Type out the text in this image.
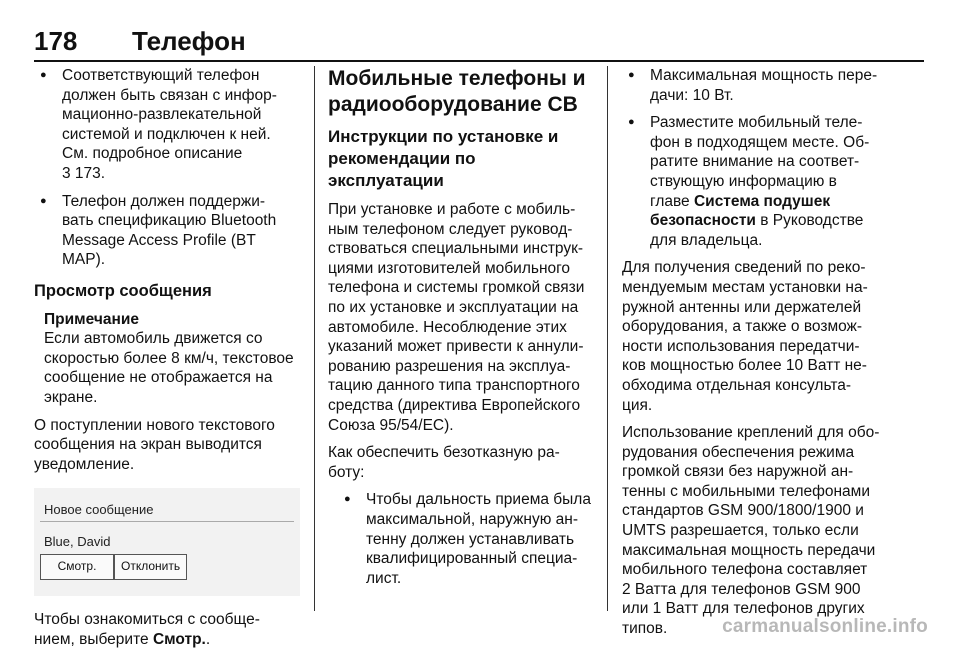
178 Телефон
● Соответствующий телефон
должен быть связан с инфор-
мационно-развлекательной
системой и подключен к ней.
См. подробное описание
3 173.
● Телефон должен поддержи-
вать спецификацию Bluetooth
Message Access Profile (BT
MAP).
Просмотр сообщения
Примечание
Если автомобиль движется со
скоростью более 8 км/ч, текстовое
сообщение не отображается на
экране.
О поступлении нового текстового
сообщения на экран выводится
уведомление.
Новое сообщение
Blue, David
Смотр.	Отклонить
Чтобы ознакомиться с сообще-
нием, выберите Смотр..
Мобильные телефоны и
радиооборудование CB
Инструкции по установке и
рекомендации по эксплуатации
При установке и работе с мобиль-
ным телефоном следует руковод-
ствоваться специальными инструк-
циями изготовителей мобильного
телефона и системы громкой связи
по их установке и эксплуатации на
автомобиле. Несоблюдение этих
указаний может привести к аннули-
рованию разрешения на эксплуа-
тацию данного типа транспортного
средства (директива Европейского
Союза 95/54/EC).
Как обеспечить безотказную ра-
боту:
● Чтобы дальность приема была
максимальной, наружную ан-
тенну должен устанавливать
квалифицированный специа-
лист.
● Максимальная мощность пере-
дачи: 10 Вт.
● Разместите мобильный теле-
фон в подходящем месте. Об-
ратите внимание на соответ-
ствующую информацию в
главе Система подушек
безопасности в Руководстве
для владельца.
Для получения сведений по реко-
мендуемым местам установки на-
ружной антенны или держателей
оборудования, а также о возмож-
ности использования передатчи-
ков мощностью более 10 Ватт не-
обходима отдельная консульта-
ция.
Использование креплений для обо-
рудования обеспечения режима
громкой связи без наружной ан-
тенны с мобильными телефонами
стандартов GSM 900/1800/1900 и
UMTS разрешается, только если
максимальная мощность передачи
мобильного телефона составляет
2 Ватта для телефонов GSM 900
или 1 Ватт для телефонов других
типов.	carmanualsonline.info
